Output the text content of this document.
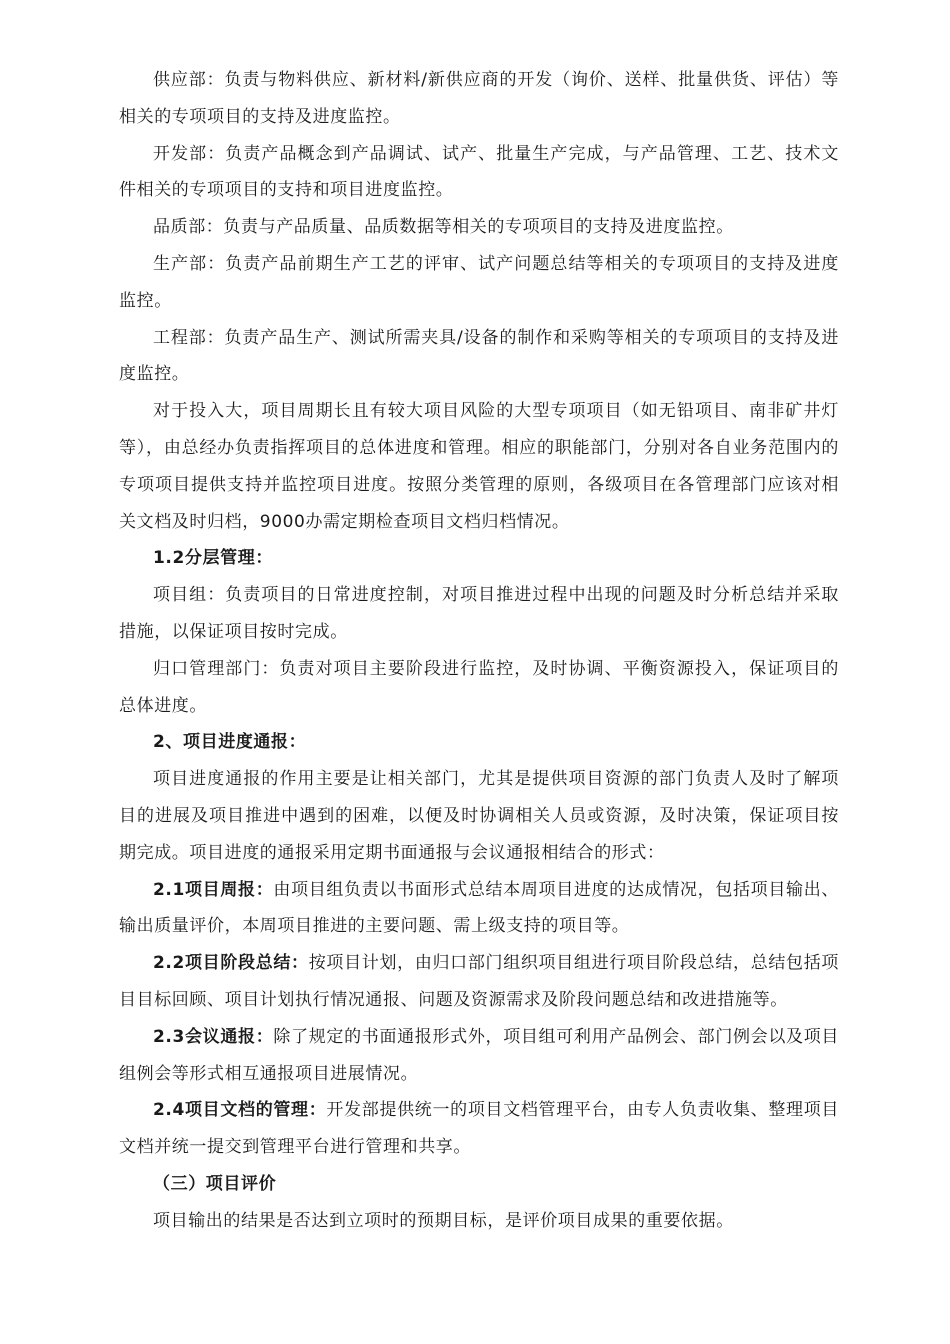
供应部：负责与物料供应、新材料/新供应商的开发（询价、送样、批量供货、评估）等相关的专项项目的支持及进度监控。

开发部：负责产品概念到产品调试、试产、批量生产完成，与产品管理、工艺、技术文件相关的专项项目的支持和项目进度监控。

品质部：负责与产品质量、品质数据等相关的专项项目的支持及进度监控。

生产部：负责产品前期生产工艺的评审、试产问题总结等相关的专项项目的支持及进度监控。

工程部：负责产品生产、测试所需夹具/设备的制作和采购等相关的专项项目的支持及进度监控。

对于投入大，项目周期长且有较大项目风险的大型专项项目（如无铅项目、南非矿井灯等），由总经办负责指挥项目的总体进度和管理。相应的职能部门，分别对各自业务范围内的专项项目提供支持并监控项目进度。按照分类管理的原则，各级项目在各管理部门应该对相关文档及时归档，9000办需定期检查项目文档归档情况。

1.2分层管理：

项目组：负责项目的日常进度控制，对项目推进过程中出现的问题及时分析总结并采取措施，以保证项目按时完成。

归口管理部门：负责对项目主要阶段进行监控，及时协调、平衡资源投入，保证项目的总体进度。

2、项目进度通报：

项目进度通报的作用主要是让相关部门，尤其是提供项目资源的部门负责人及时了解项目的进展及项目推进中遇到的困难，以便及时协调相关人员或资源，及时决策，保证项目按期完成。项目进度的通报采用定期书面通报与会议通报相结合的形式：

2.1项目周报：由项目组负责以书面形式总结本周项目进度的达成情况，包括项目输出、输出质量评价，本周项目推进的主要问题、需上级支持的项目等。

2.2项目阶段总结：按项目计划，由归口部门组织项目组进行项目阶段总结，总结包括项目目标回顾、项目计划执行情况通报、问题及资源需求及阶段问题总结和改进措施等。

2.3会议通报：除了规定的书面通报形式外，项目组可利用产品例会、部门例会以及项目组例会等形式相互通报项目进展情况。

2.4项目文档的管理：开发部提供统一的项目文档管理平台，由专人负责收集、整理项目文档并统一提交到管理平台进行管理和共享。

（三）项目评价

项目输出的结果是否达到立项时的预期目标，是评价项目成果的重要依据。
